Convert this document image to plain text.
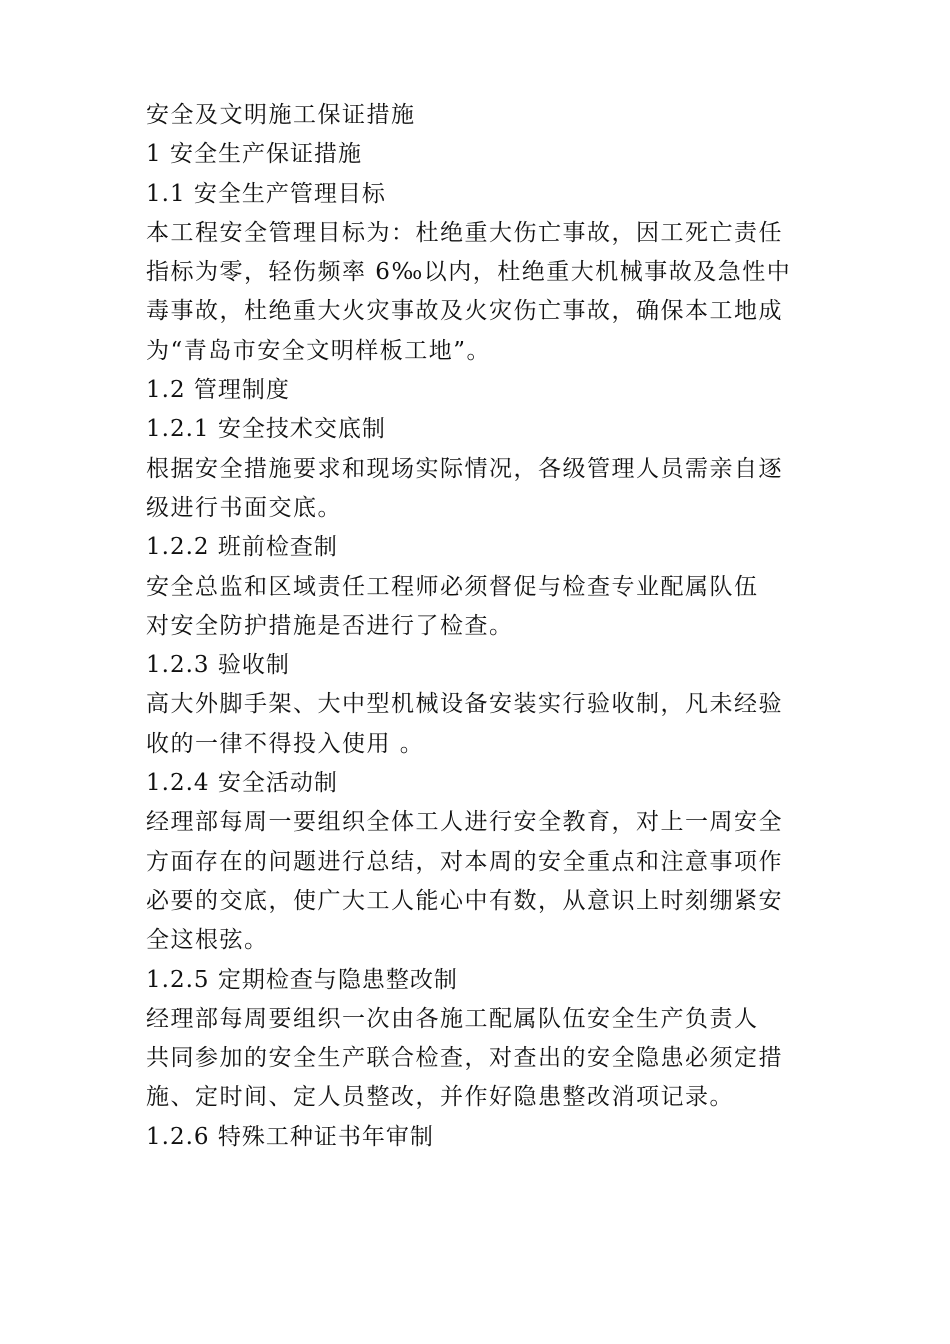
安全及文明施工保证措施
1 安全生产保证措施
1.1 安全生产管理目标
本工程安全管理目标为：杜绝重大伤亡事故，因工死亡责任
指标为零，轻伤频率 6‰以内，杜绝重大机械事故及急性中
毒事故，杜绝重大火灾事故及火灾伤亡事故，确保本工地成
为“青岛市安全文明样板工地”。
1.2 管理制度
1.2.1 安全技术交底制
根据安全措施要求和现场实际情况，各级管理人员需亲自逐
级进行书面交底。
1.2.2 班前检查制
安全总监和区域责任工程师必须督促与检查专业配属队伍
对安全防护措施是否进行了检查。
1.2.3 验收制
高大外脚手架、大中型机械设备安装实行验收制，凡未经验
收的一律不得投入使用 。
1.2.4 安全活动制
经理部每周一要组织全体工人进行安全教育，对上一周安全
方面存在的问题进行总结，对本周的安全重点和注意事项作
必要的交底，使广大工人能心中有数，从意识上时刻绷紧安
全这根弦。
1.2.5 定期检查与隐患整改制
经理部每周要组织一次由各施工配属队伍安全生产负责人
共同参加的安全生产联合检查，对查出的安全隐患必须定措
施、定时间、定人员整改，并作好隐患整改消项记录。
1.2.6 特殊工种证书年审制
